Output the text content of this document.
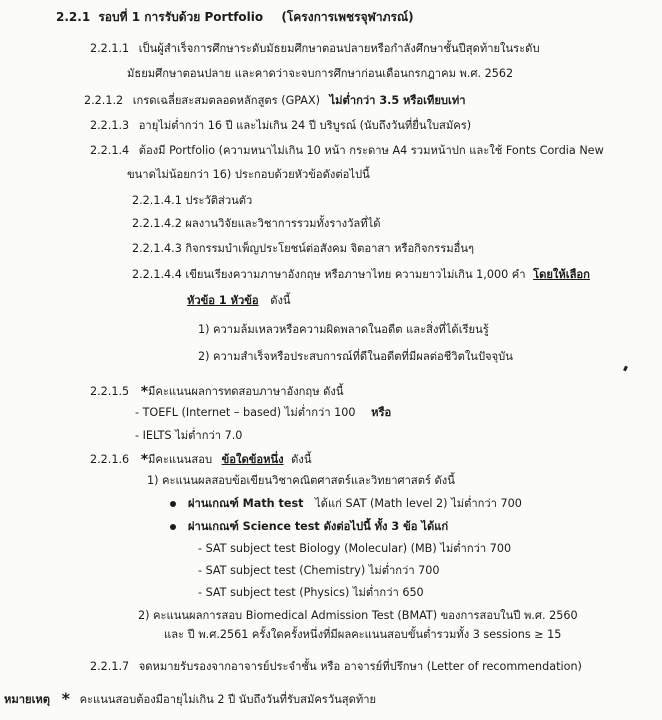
2.2.1 รอบที่ 1 การรับด้วย Portfolio (โครงการเพชรจุฬาภรณ์)
2.2.1.1 เป็นผู้สำเร็จการศึกษาระดับมัธยมศึกษาตอนปลายหรือกำลังศึกษาชั้นปีสุดท้ายในระดับ
มัธยมศึกษาตอนปลาย และคาดว่าจะจบการศึกษาก่อนเดือนกรกฎาคม พ.ศ. 2562
2.2.1.2 เกรดเฉลี่ยสะสมตลอดหลักสูตร (GPAX) ไม่ต่ำกว่า 3.5 หรือเทียบเท่า
2.2.1.3 อายุไม่ต่ำกว่า 16 ปี และไม่เกิน 24 ปี บริบูรณ์ (นับถึงวันที่ยื่นใบสมัคร)
2.2.1.4 ต้องมี Portfolio (ความหนาไม่เกิน 10 หน้า กระดาษ A4 รวมหน้าปก และใช้ Fonts Cordia New
ขนาดไม่น้อยกว่า 16) ประกอบด้วยหัวข้อดังต่อไปนี้
2.2.1.4.1 ประวัติส่วนตัว
2.2.1.4.2 ผลงานวิจัยและวิชาการรวมทั้งรางวัลที่ได้
2.2.1.4.3 กิจกรรมบำเพ็ญประโยชน์ต่อสังคม จิตอาสา หรือกิจกรรมอื่นๆ
2.2.1.4.4 เขียนเรียงความภาษาอังกฤษ หรือภาษาไทย ความยาวไม่เกิน 1,000 คำ โดยให้เลือก
หัวข้อ 1 หัวข้อ ดังนี้
1) ความล้มเหลวหรือความผิดพลาดในอดีต และสิ่งที่ได้เรียนรู้
2) ความสำเร็จหรือประสบการณ์ที่ดีในอดีตที่มีผลต่อชีวิตในปัจจุบัน
2.2.1.5 *มีคะแนนผลการทดสอบภาษาอังกฤษ ดังนี้
- TOEFL (Internet – based) ไม่ต่ำกว่า 100 หรือ
- IELTS ไม่ต่ำกว่า 7.0
2.2.1.6 *มีคะแนนสอบ ข้อใดข้อหนึ่ง ดังนี้
1) คะแนนผลสอบข้อเขียนวิชาคณิตศาสตร์และวิทยาศาสตร์ ดังนี้
ผ่านเกณฑ์ Math test ได้แก่ SAT (Math level 2) ไม่ต่ำกว่า 700
ผ่านเกณฑ์ Science test ดังต่อไปนี้ ทั้ง 3 ข้อ ได้แก่
- SAT subject test Biology (Molecular) (MB) ไม่ต่ำกว่า 700
- SAT subject test (Chemistry) ไม่ต่ำกว่า 700
- SAT subject test (Physics) ไม่ต่ำกว่า 650
2) คะแนนผลการสอบ Biomedical Admission Test (BMAT) ของการสอบในปี พ.ศ. 2560
และ ปี พ.ศ.2561 ครั้งใดครั้งหนึ่งที่มีผลคะแนนสอบขั้นต่ำรวมทั้ง 3 sessions ≥ 15
2.2.1.7 จดหมายรับรองจากอาจารย์ประจำชั้น หรือ อาจารย์ที่ปรึกษา (Letter of recommendation)
หมายเหตุ * คะแนนสอบต้องมีอายุไม่เกิน 2 ปี นับถึงวันที่รับสมัครวันสุดท้าย
